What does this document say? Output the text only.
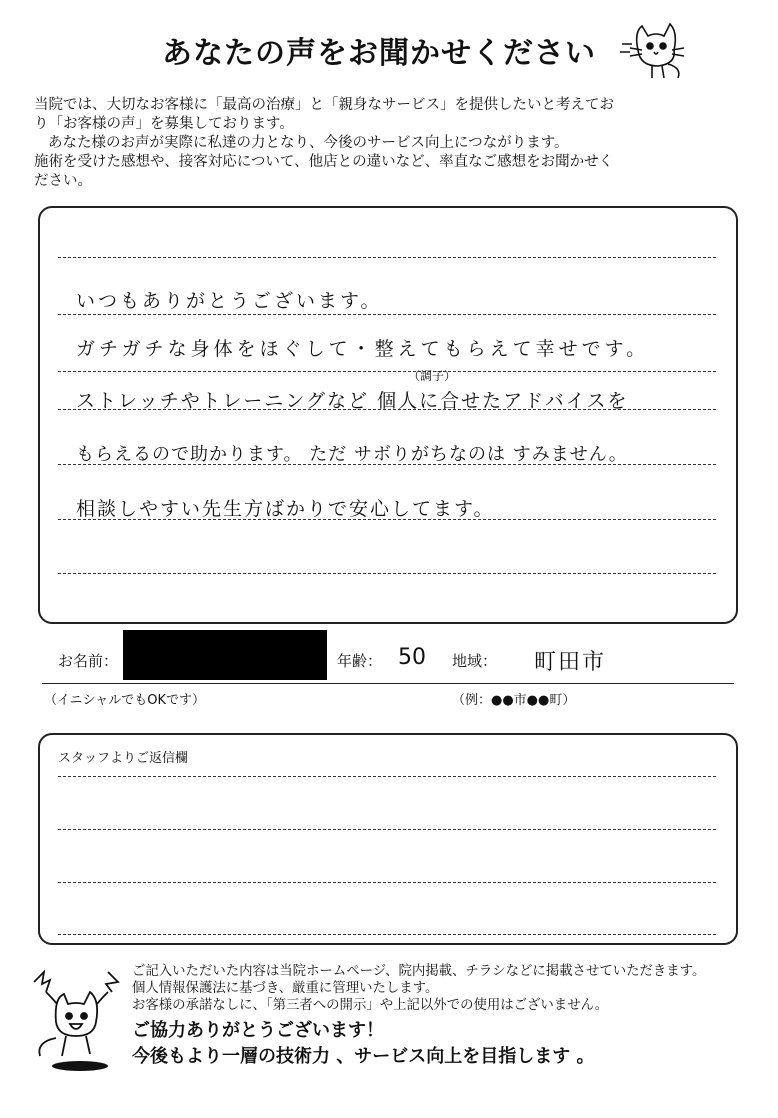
あなたの声をお聞かせください

当院では、大切なお客様に「最高の治療」と「親身なサービス」を提供したいと考えてお

り「お客様の声」を募集しております。

あなた様のお声が実際に私達の力となり、今後のサービス向上につながります。

施術を受けた感想や、接客対応について、他店との違いなど、率直なご感想をお聞かせく

ださい。

いつもありがとうございます。
ガチガチな身体をほぐして・整えてもらえて幸せです。
（調子）
ストレッチやトレーニングなど 個人に合せたアドバイスを
もらえるので助かります。 ただ サボりがちなのは すみません。
相談しやすい先生方ばかりで安心してます。
お名前：	年齢： 50 地域： 町田市
（イニシャルでもOKです）	（例：●●市●●町）
スタッフよりご返信欄
ご記入いただいた内容は当院ホームページ、院内掲載、チラシなどに掲載させていただきます。
個人情報保護法に基づき、厳重に管理いたします。
お客様の承諾なしに、「第三者への開示」や上記以外での使用はございません。
ご協力ありがとうございます！
今後もより一層の技術力 、サービス向上を目指します 。
